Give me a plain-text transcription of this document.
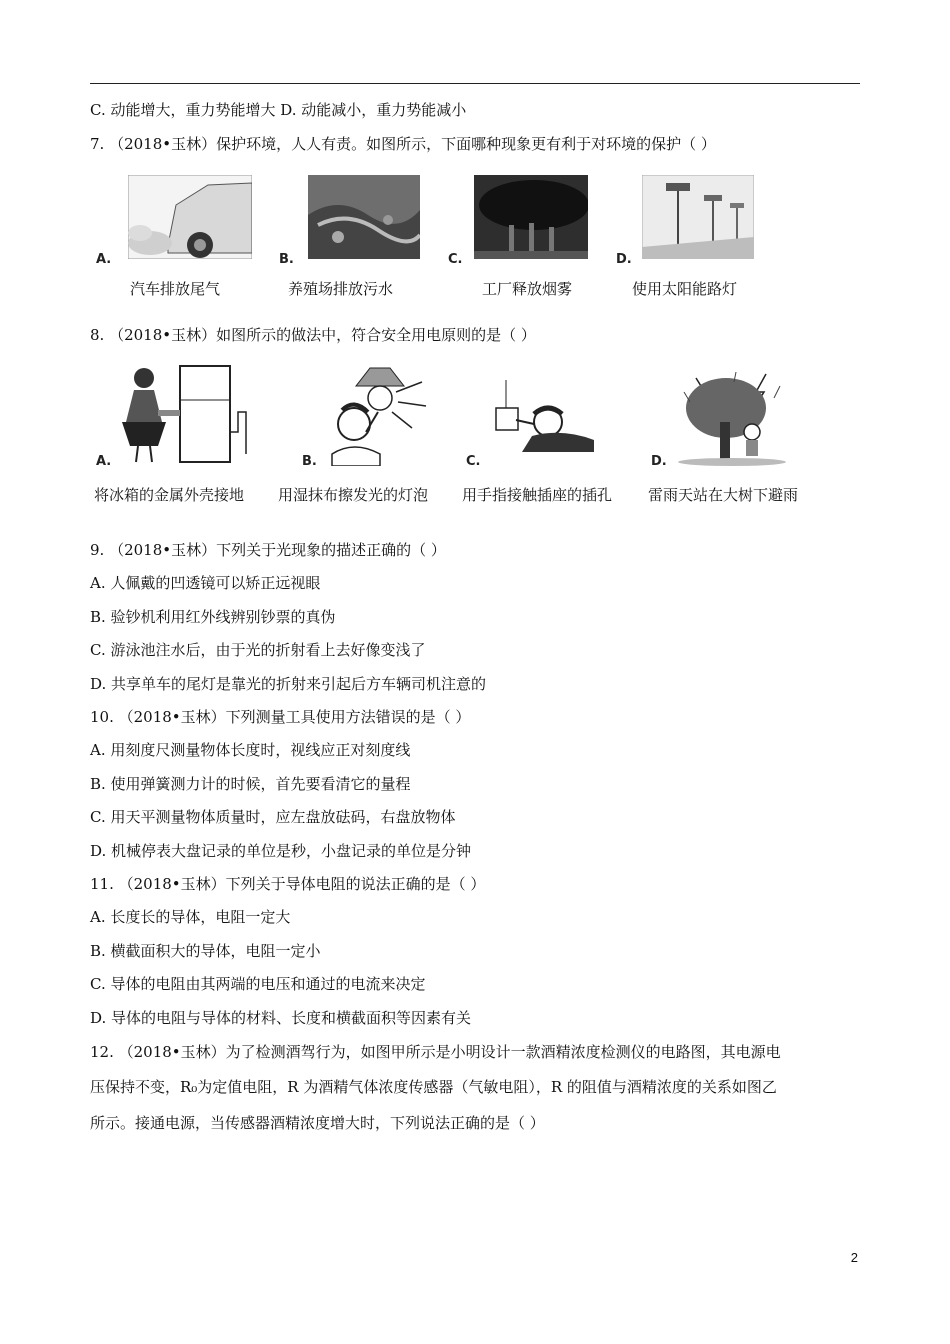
C. 动能增大，重力势能增大 D. 动能减小，重力势能减小
7. （2018•玉林）保护环境，人人有责。如图所示，下面哪种现象更有利于对环境的保护（ ）
A.	B.	C.	D.
汽车排放尾气	养殖场排放污水	工厂释放烟雾	使用太阳能路灯
8. （2018•玉林）如图所示的做法中，符合安全用电原则的是（ ）
A.	B.	C.	D.
将冰箱的金属外壳接地 用湿抹布擦发光的灯泡 用手指接触插座的插孔 雷雨天站在大树下避雨
9. （2018•玉林）下列关于光现象的描述正确的（ ）
A. 人佩戴的凹透镜可以矫正远视眼
B. 验钞机利用红外线辨别钞票的真伪
C. 游泳池注水后，由于光的折射看上去好像变浅了
D. 共享单车的尾灯是靠光的折射来引起后方车辆司机注意的
10. （2018•玉林）下列测量工具使用方法错误的是（ ）
A. 用刻度尺测量物体长度时，视线应正对刻度线
B. 使用弹簧测力计的时候，首先要看清它的量程
C. 用天平测量物体质量时，应左盘放砝码，右盘放物体
D. 机械停表大盘记录的单位是秒，小盘记录的单位是分钟
11. （2018•玉林）下列关于导体电阻的说法正确的是（ ）
A. 长度长的导体，电阻一定大
B. 横截面积大的导体，电阻一定小
C. 导体的电阻由其两端的电压和通过的电流来决定
D. 导体的电阻与导体的材料、长度和横截面积等因素有关
12. （2018•玉林）为了检测酒驾行为，如图甲所示是小明设计一款酒精浓度检测仪的电路图，其电源电
压保持不变，R₀为定值电阻，R 为酒精气体浓度传感器（气敏电阻），R 的阻值与酒精浓度的关系如图乙
所示。接通电源，当传感器酒精浓度增大时，下列说法正确的是（ ）
2
